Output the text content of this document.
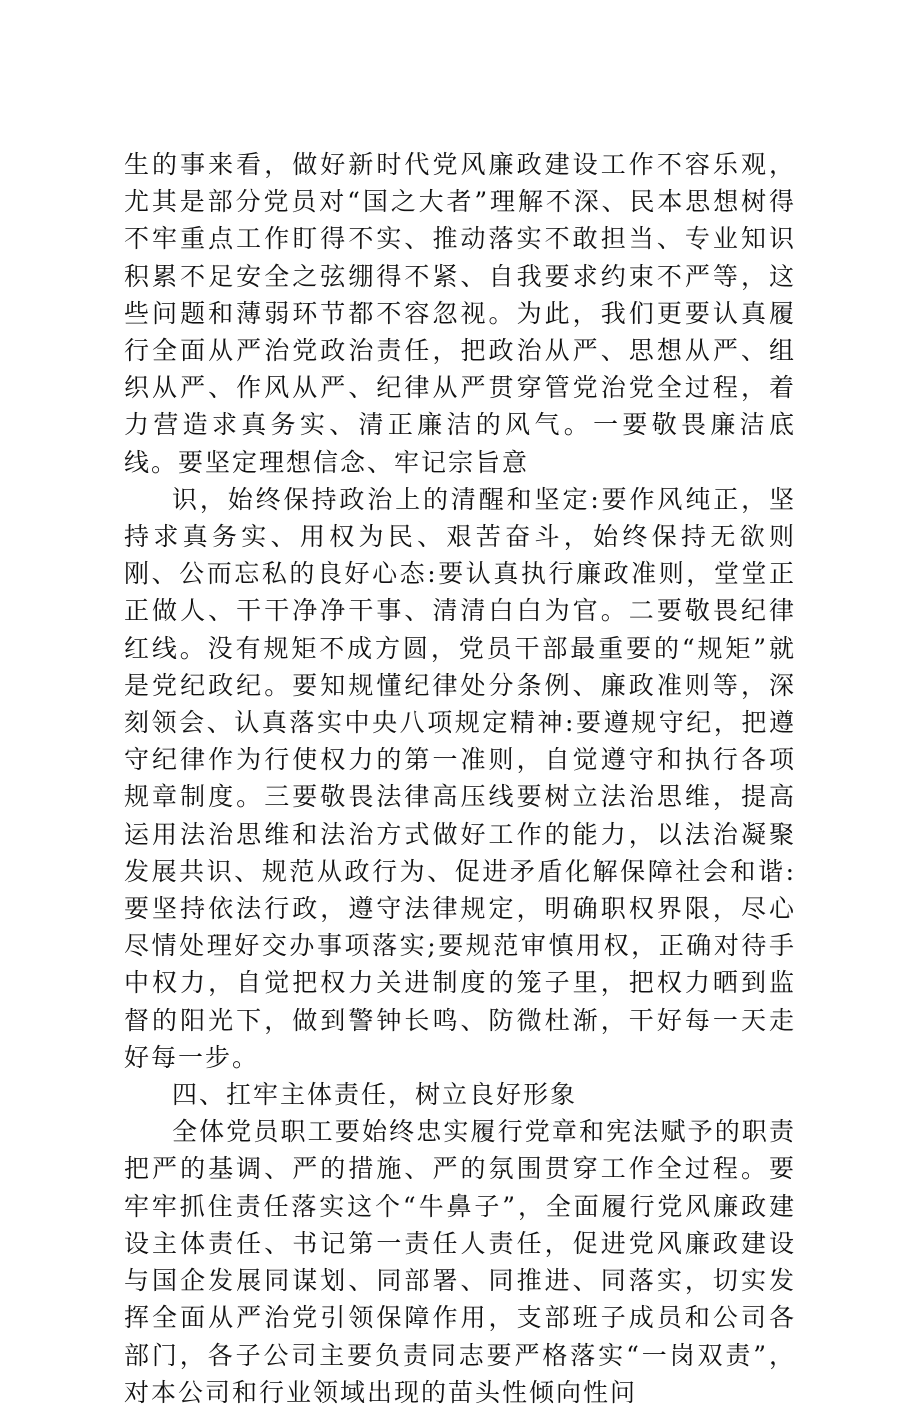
生的事来看，做好新时代党风廉政建设工作不容乐观，尤其是部分党员对“国之大者”理解不深、民本思想树得不牢重点工作盯得不实、推动落实不敢担当、专业知识积累不足安全之弦绷得不紧、自我要求约束不严等，这些问题和薄弱环节都不容忽视。为此，我们更要认真履行全面从严治党政治责任，把政治从严、思想从严、组织从严、作风从严、纪律从严贯穿管党治党全过程，着力营造求真务实、清正廉洁的风气。一要敬畏廉洁底线。要坚定理想信念、牢记宗旨意

识，始终保持政治上的清醒和坚定:要作风纯正，坚持求真务实、用权为民、艰苦奋斗，始终保持无欲则刚、公而忘私的良好心态:要认真执行廉政准则，堂堂正正做人、干干净净干事、清清白白为官。二要敬畏纪律红线。没有规矩不成方圆，党员干部最重要的“规矩”就是党纪政纪。要知规懂纪律处分条例、廉政准则等，深刻领会、认真落实中央八项规定精神:要遵规守纪，把遵守纪律作为行使权力的第一准则，自觉遵守和执行各项规章制度。三要敬畏法律高压线要树立法治思维，提高运用法治思维和法治方式做好工作的能力，以法治凝聚发展共识、规范从政行为、促进矛盾化解保障社会和谐:要坚持依法行政，遵守法律规定，明确职权界限，尽心尽情处理好交办事项落实;要规范审慎用权，正确对待手中权力，自觉把权力关进制度的笼子里，把权力晒到监督的阳光下，做到警钟长鸣、防微杜渐，干好每一天走好每一步。

四、扛牢主体责任，树立良好形象

全体党员职工要始终忠实履行党章和宪法赋予的职责把严的基调、严的措施、严的氛围贯穿工作全过程。要牢牢抓住责任落实这个“牛鼻子”，全面履行党风廉政建设主体责任、书记第一责任人责任，促进党风廉政建设与国企发展同谋划、同部署、同推进、同落实，切实发挥全面从严治党引领保障作用，支部班子成员和公司各部门，各子公司主要负责同志要严格落实“一岗双责”，对本公司和行业领域出现的苗头性倾向性问
